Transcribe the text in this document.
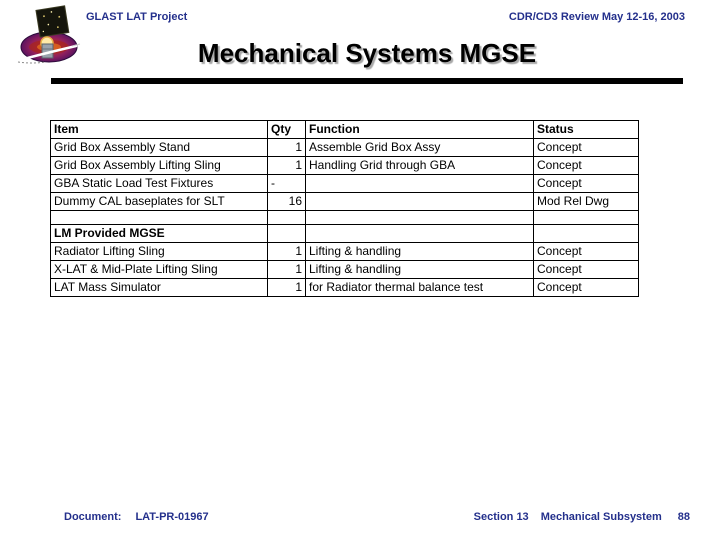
GLAST LAT Project	CDR/CD3 Review May 12-16, 2003
Mechanical Systems MGSE
Item	Qty	Function	Status
Grid Box Assembly Stand	1	Assemble Grid Box Assy	Concept
Grid Box Assembly Lifting Sling	1	Handling Grid through GBA	Concept
GBA Static Load Test Fixtures	-		Concept
Dummy CAL baseplates for SLT	16		Mod Rel Dwg

LM Provided MGSE			
Radiator Lifting Sling	1	Lifting & handling	Concept
X-LAT & Mid-Plate Lifting Sling	1	Lifting & handling	Concept
LAT Mass Simulator	1	for Radiator thermal balance test	Concept
Document: LAT-PR-01967	Section 13 Mechanical Subsystem 88
